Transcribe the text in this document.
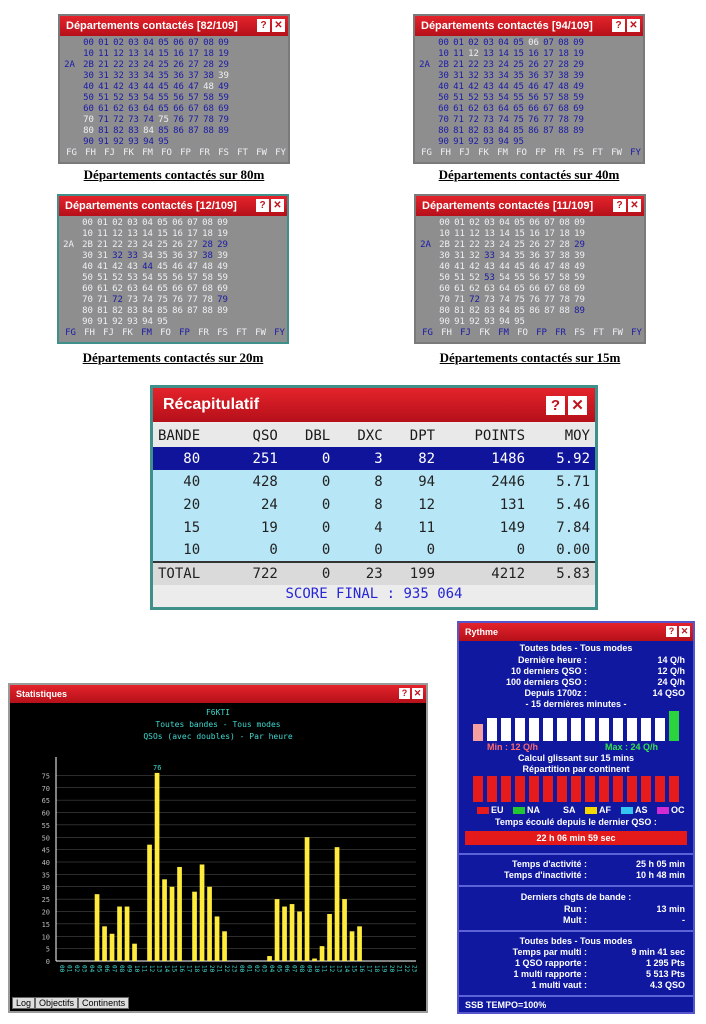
Départements contactés [82/109]	? ✕
00 01 02 03 04 05 06 07 08 09
10 11 12 13 14 15 16 17 18 19
2A 2B 21 22 23 24 25 26 27 28 29
30 31 32 33 34 35 36 37 38 39
40 41 42 43 44 45 46 47 48 49
50 51 52 53 54 55 56 57 58 59
60 61 62 63 64 65 66 67 68 69
70 71 72 73 74 75 76 77 78 79
80 81 82 83 84 85 86 87 88 89
90 91 92 93 94 95
FG FH FJ FK FM FO FP FR FS FT FW FY
Départements contactés sur 80m
Départements contactés [94/109]	? ✕
00 01 02 03 04 05 06 07 08 09
10 11 12 13 14 15 16 17 18 19
2A 2B 21 22 23 24 25 26 27 28 29
30 31 32 33 34 35 36 37 38 39
40 41 42 43 44 45 46 47 48 49
50 51 52 53 54 55 56 57 58 59
60 61 62 63 64 65 66 67 68 69
70 71 72 73 74 75 76 77 78 79
80 81 82 83 84 85 86 87 88 89
90 91 92 93 94 95
FG FH FJ FK FM FO FP FR FS FT FW FY
Départements contactés sur 40m
Départements contactés [12/109]	? ✕
00 01 02 03 04 05 06 07 08 09
10 11 12 13 14 15 16 17 18 19
2A 2B 21 22 23 24 25 26 27 28 29
30 31 32 33 34 35 36 37 38 39
40 41 42 43 44 45 46 47 48 49
50 51 52 53 54 55 56 57 58 59
60 61 62 63 64 65 66 67 68 69
70 71 72 73 74 75 76 77 78 79
80 81 82 83 84 85 86 87 88 89
90 91 92 93 94 95
FG FH FJ FK FM FO FP FR FS FT FW FY
Départements contactés sur 20m
Départements contactés [11/109]	? ✕
00 01 02 03 04 05 06 07 08 09
10 11 12 13 14 15 16 17 18 19
2A 2B 21 22 23 24 25 26 27 28 29
30 31 32 33 34 35 36 37 38 39
40 41 42 43 44 45 46 47 48 49
50 51 52 53 54 55 56 57 58 59
60 61 62 63 64 65 66 67 68 69
70 71 72 73 74 75 76 77 78 79
80 81 82 83 84 85 86 87 88 89
90 91 92 93 94 95
FG FH FJ FK FM FO FP FR FS FT FW FY
Départements contactés sur 15m
Récapitulatif	? ✕
BANDE	QSO	DBL	DXC	DPT	POINTS	MOY
80	251	0	3	82	1486	5.92
40	428	0	8	94	2446	5.71
20	24	0	8	12	131	5.46
15	19	0	4	11	149	7.84
10	0	0	0	0	0	0.00
TOTAL	722	0	23	199	4212	5.83
SCORE FINAL : 935 064
Statistiques	? ✕
F6KTI
Toutes bandes - Tous modes
QSOs (avec doubles) - Par heure
0
5
10
15
20
25
30
35
40
45
50
55
60
65
70
75
00 01 02 03 04 05 06 07 08 09 10 11 12 13 14 15 16 17 18 19 20 21 22 23 00 01 02 03 04 05 06 07 08 09 10 11 12 13 14 15 16 17 18 19 20 21 22 23
76
Log Objectifs Continents
Rythme	? ✕
Toutes bdes - Tous modes
Dernière heure :	14 Q/h
10 derniers QSO :	12 Q/h
100 derniers QSO :	24 Q/h
Depuis 1700z :	14 QSO
- 15 dernières minutes -
Min : 12 Q/h	Max : 24 Q/h
Calcul glissant sur 15 mins
Répartition par continent
EU	NA	SA	AF	AS	OC
Temps écoulé depuis le dernier QSO :
22 h 06 min 59 sec
Temps d'activité :	25 h 05 min
Temps d'inactivité :	10 h 48 min
Derniers chgts de bande :
Run :	13 min
Mult :	-
Toutes bdes - Tous modes
Temps par multi :	9 min 41 sec
1 QSO rapporte :	1 295 Pts
1 multi rapporte :	5 513 Pts
1 multi vaut :	4.3 QSO
SSB TEMPO=100%
